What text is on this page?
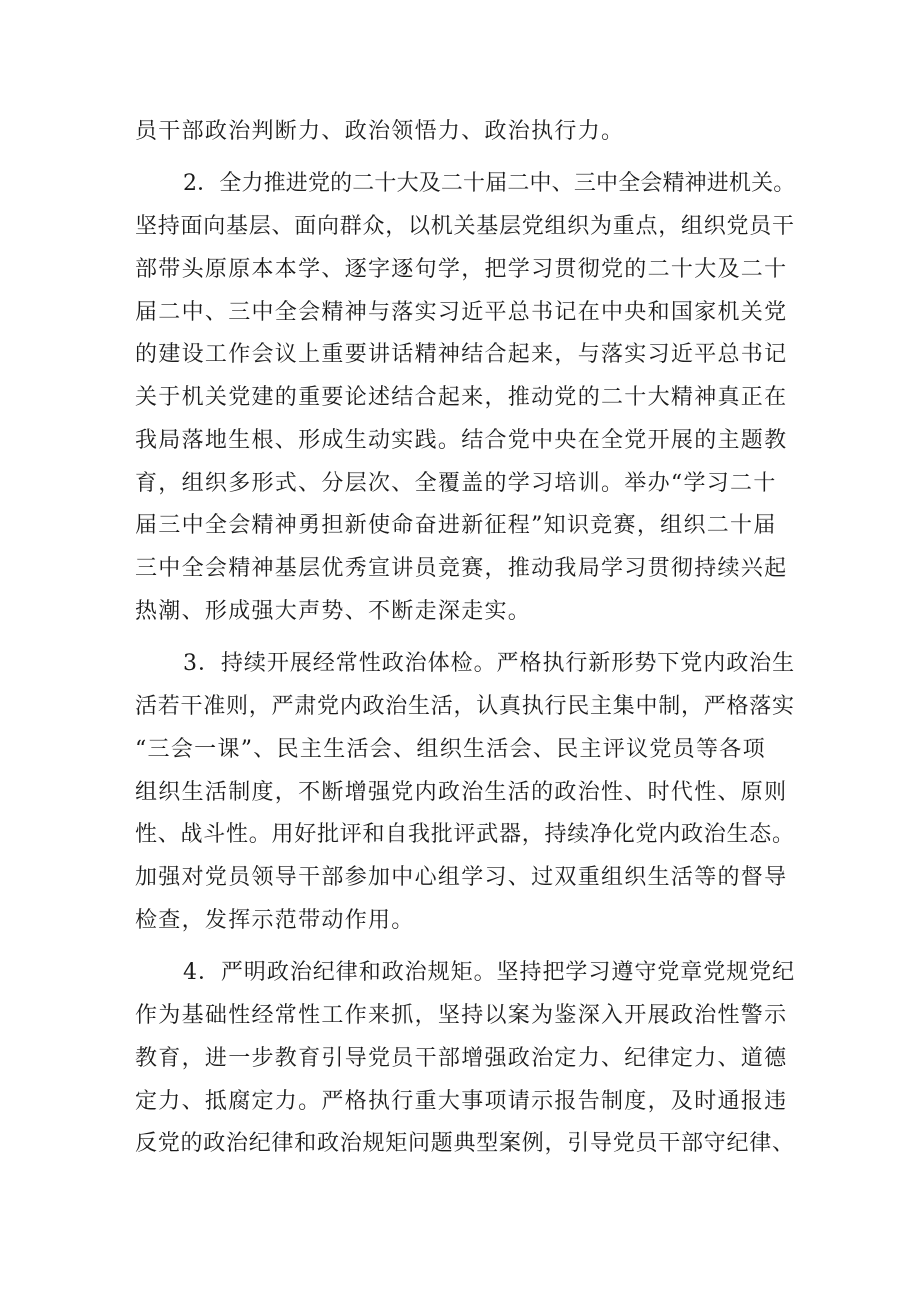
员干部政治判断力、政治领悟力、政治执行力。
2．全力推进党的二十大及二十届二中、三中全会精神进机关。
坚持面向基层、面向群众，以机关基层党组织为重点，组织党员干
部带头原原本本学、逐字逐句学，把学习贯彻党的二十大及二十
届二中、三中全会精神与落实习近平总书记在中央和国家机关党
的建设工作会议上重要讲话精神结合起来，与落实习近平总书记
关于机关党建的重要论述结合起来，推动党的二十大精神真正在
我局落地生根、形成生动实践。结合党中央在全党开展的主题教
育，组织多形式、分层次、全覆盖的学习培训。举办“学习二十
届三中全会精神勇担新使命奋进新征程”知识竞赛，组织二十届
三中全会精神基层优秀宣讲员竞赛，推动我局学习贯彻持续兴起
热潮、形成强大声势、不断走深走实。
3．持续开展经常性政治体检。严格执行新形势下党内政治生
活若干准则，严肃党内政治生活，认真执行民主集中制，严格落实
“三会一课”、民主生活会、组织生活会、民主评议党员等各项
组织生活制度，不断增强党内政治生活的政治性、时代性、原则
性、战斗性。用好批评和自我批评武器，持续净化党内政治生态。
加强对党员领导干部参加中心组学习、过双重组织生活等的督导
检查，发挥示范带动作用。
4．严明政治纪律和政治规矩。坚持把学习遵守党章党规党纪
作为基础性经常性工作来抓，坚持以案为鉴深入开展政治性警示
教育，进一步教育引导党员干部增强政治定力、纪律定力、道德
定力、抵腐定力。严格执行重大事项请示报告制度，及时通报违
反党的政治纪律和政治规矩问题典型案例，引导党员干部守纪律、
